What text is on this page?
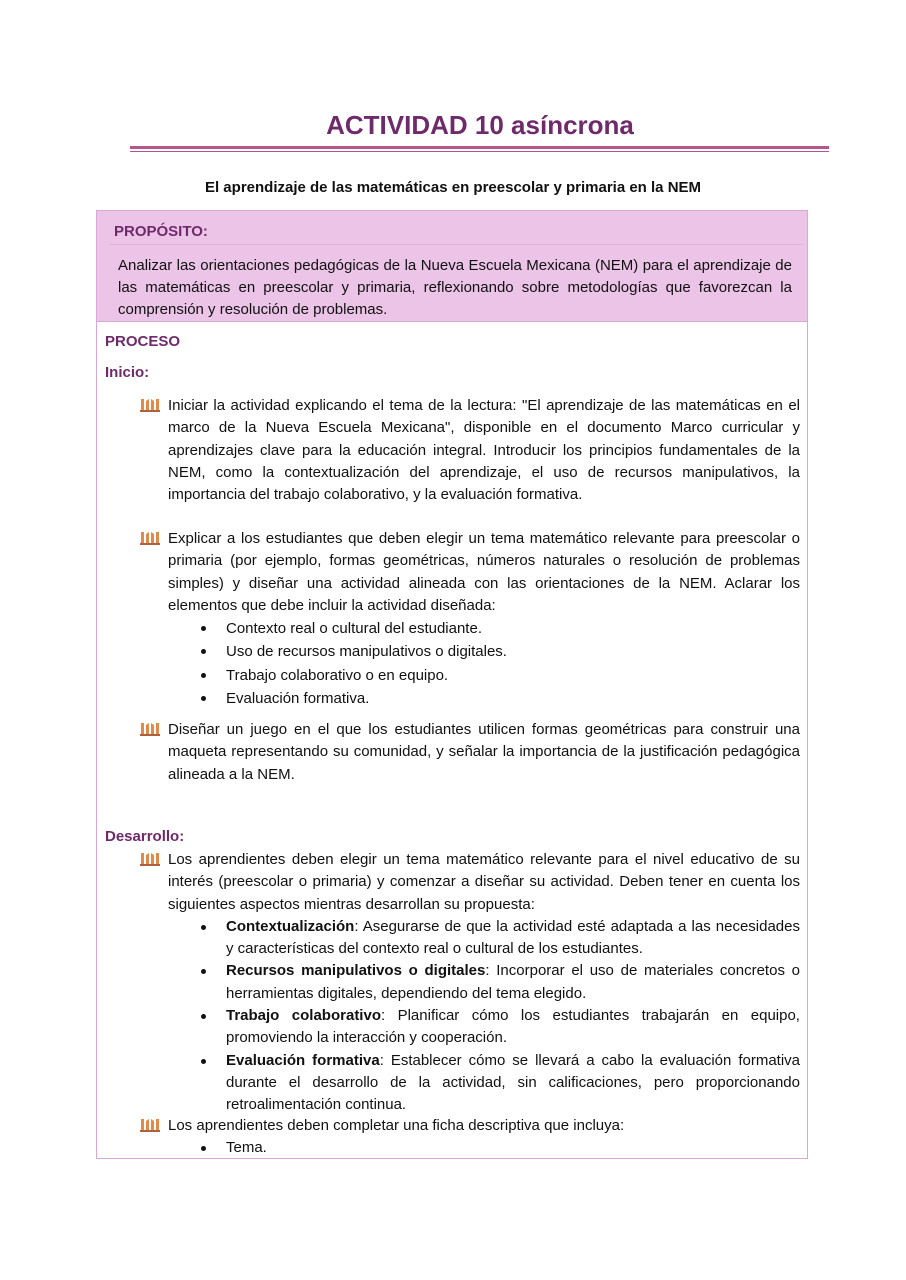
ACTIVIDAD 10 asíncrona
El aprendizaje de las matemáticas en preescolar y primaria en la NEM
PROPÓSITO:
Analizar las orientaciones pedagógicas de la Nueva Escuela Mexicana (NEM) para el aprendizaje de las matemáticas en preescolar y primaria, reflexionando sobre metodologías que favorezcan la comprensión y resolución de problemas.
PROCESO
Inicio:
Iniciar la actividad explicando el tema de la lectura: "El aprendizaje de las matemáticas en el marco de la Nueva Escuela Mexicana", disponible en el documento Marco curricular y aprendizajes clave para la educación integral. Introducir los principios fundamentales de la NEM, como la contextualización del aprendizaje, el uso de recursos manipulativos, la importancia del trabajo colaborativo, y la evaluación formativa.
Explicar a los estudiantes que deben elegir un tema matemático relevante para preescolar o primaria (por ejemplo, formas geométricas, números naturales o resolución de problemas simples) y diseñar una actividad alineada con las orientaciones de la NEM. Aclarar los elementos que debe incluir la actividad diseñada:
Contexto real o cultural del estudiante.
Uso de recursos manipulativos o digitales.
Trabajo colaborativo o en equipo.
Evaluación formativa.
Diseñar un juego en el que los estudiantes utilicen formas geométricas para construir una maqueta representando su comunidad, y señalar la importancia de la justificación pedagógica alineada a la NEM.
Desarrollo:
Los aprendientes deben elegir un tema matemático relevante para el nivel educativo de su interés (preescolar o primaria) y comenzar a diseñar su actividad. Deben tener en cuenta los siguientes aspectos mientras desarrollan su propuesta:
Contextualización: Asegurarse de que la actividad esté adaptada a las necesidades y características del contexto real o cultural de los estudiantes.
Recursos manipulativos o digitales: Incorporar el uso de materiales concretos o herramientas digitales, dependiendo del tema elegido.
Trabajo colaborativo: Planificar cómo los estudiantes trabajarán en equipo, promoviendo la interacción y cooperación.
Evaluación formativa: Establecer cómo se llevará a cabo la evaluación formativa durante el desarrollo de la actividad, sin calificaciones, pero proporcionando retroalimentación continua.
Los aprendientes deben completar una ficha descriptiva que incluya:
Tema.
